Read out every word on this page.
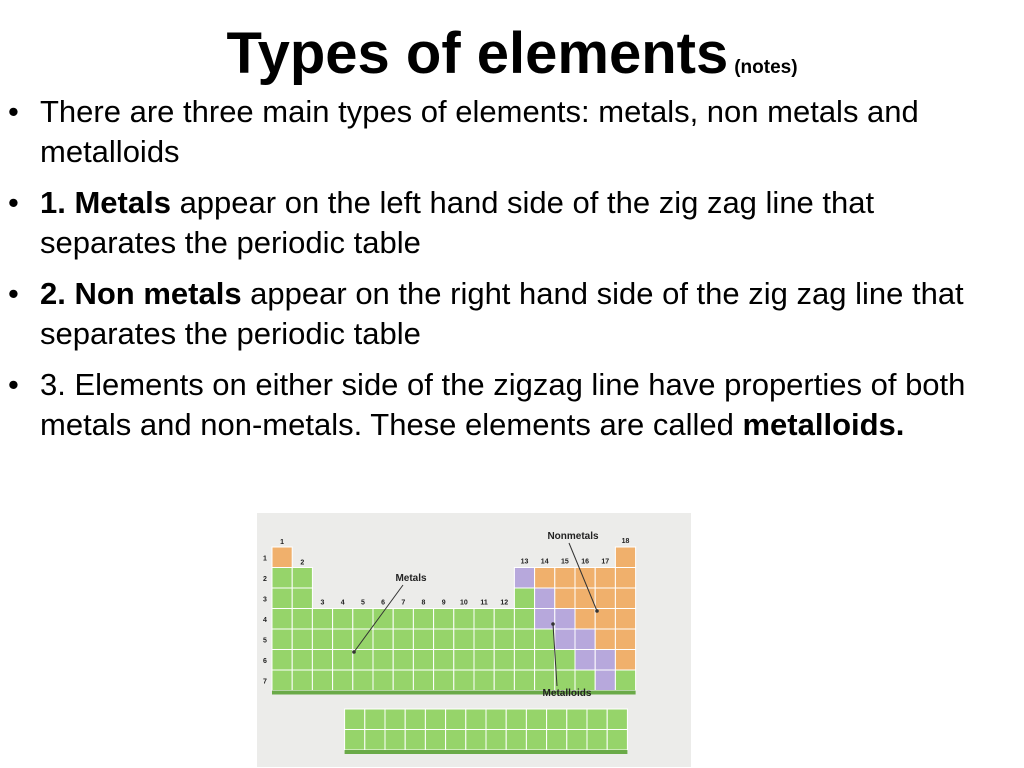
Types of elements (notes)
• There are three main types of elements: metals, non metals and metalloids
• 1. Metals appear on the left hand side of the zig zag line that separates the periodic table
• 2. Non metals appear on the right hand side of the zig zag line that separates the periodic table
• 3. Elements on either side of the zigzag line have properties of both metals and non-metals. These elements are called metalloids.
1
2
3 4 5 6 7 8 9 10 11 12
13 14 15 16 17
18
1
2
3
4
5
6
7
Metals
Nonmetals
Metalloids
